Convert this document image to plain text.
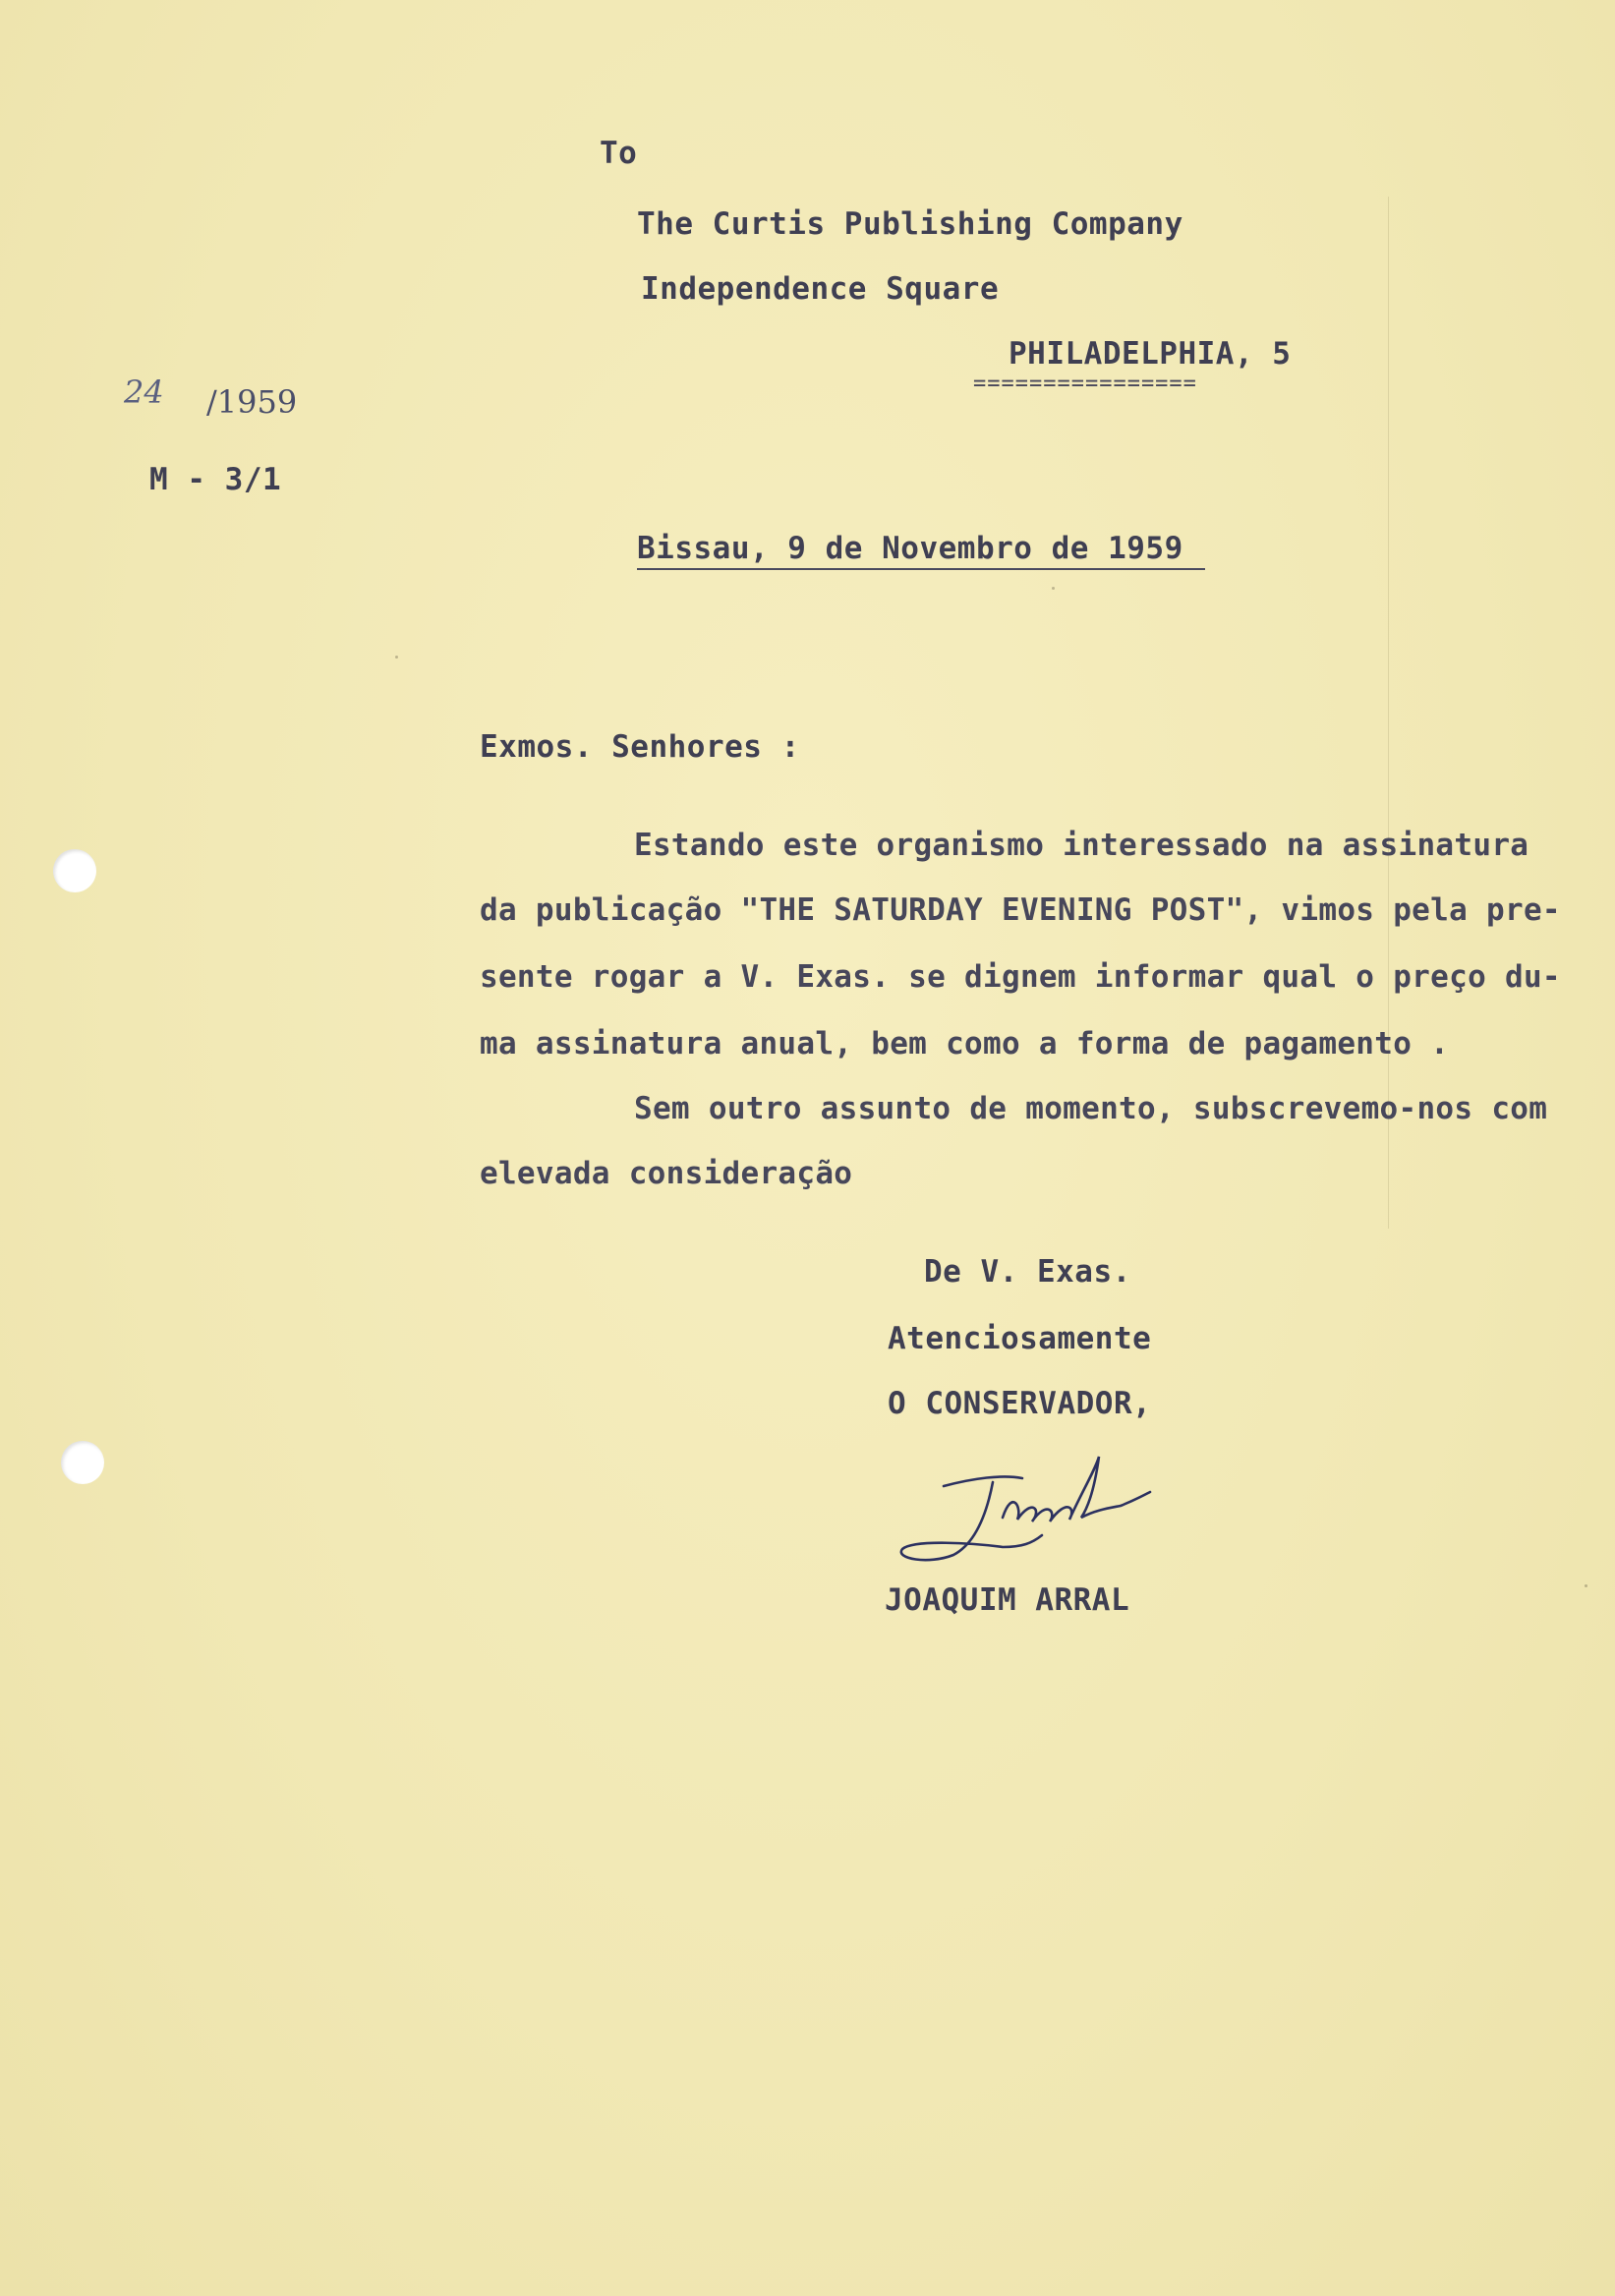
To
The Curtis Publishing Company
Independence Square
PHILADELPHIA, 5
================
24 /1959
M - 3/1
Bissau, 9 de Novembro de 1959
Exmos. Senhores :
Estando este organismo interessado na assinatura
da publicação "THE SATURDAY EVENING POST", vimos pela pre-
sente rogar a V. Exas. se dignem informar qual o preço du-
ma assinatura anual, bem como a forma de pagamento .
Sem outro assunto de momento, subscrevemo-nos com
elevada consideração
De V. Exas.
Atenciosamente
O CONSERVADOR,
JOAQUIM ARRAL
